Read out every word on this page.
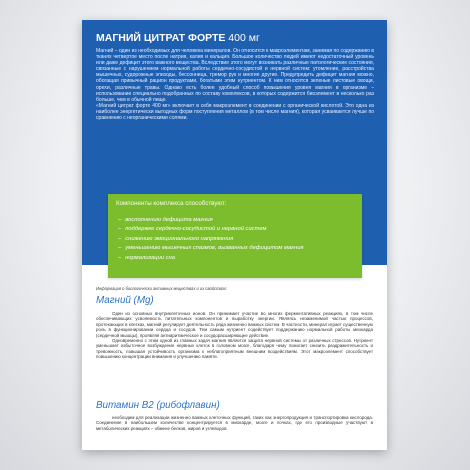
МАГНИЙ ЦИТРАТ ФОРТЕ 400 мг

Магний – один из необходимых для человека минералов. Он относится к макроэлементам, занимая по содержанию в тканях четвертое место после натрия, калия и кальция. Большое количество людей имеют недостаточный уровень или даже дефицит этого важного вещества. Вследствие этого могут возникать различные патологические состояния, связанные с нарушением нормальной работы сердечно-сосудистой и нервной систем: утомление, расстройства мышечных, судорожные эпизоды, бессонница, тремор рук и многие другие. Предупредить дефицит магния можно, обогащая привычный рацион продуктами, богатыми этим нутриентом. К ним относятся зеленые листовые овощи, орехи, различные травы. Однако есть более удобный способ повышения уровня магния в организме – использование специально подобранных по составу комплексов, в которых содержится биоэлемент в несколько раз больше, чем в обычной пище.

«Магний цитрат форте 400 мг» включает в себя макроэлемент в соединении с органической кислотой. Это одна из наиболее энергетически выгодных форм поступления металлов (в том числе магния), которая усваивается лучше по сравнению с неорганическими солями.

Компоненты комплекса способствуют:
– восполнению дефицита магния
– поддержке сердечно-сосудистой и нервной систем
– снижению эмоционального напряжения
– уменьшению мышечных спазмов, вызванных дефицитом магния
– нормализации сна
Информация о биологически активных веществах и их свойствах:
Магний (Mg)

Один из основных внутриклеточных ионов. Он принимает участие во многих ферментативных реакциях, в том числе обеспечивающих усвояемость питательных компонентов и выработку энергии. Являясь незаменимой частью процессов, протекающих в клетках, магний регулирует деятельность ряда жизненно важных систем. В частности, минерал играет существенную роль в функционировании сердца и сосудов. Тем самым нутриент содействует поддержанию нормальной работы миокарда (сердечной мышцы), проявляя антиаритмическое и сосудорасширяющее действие.

Одновременно с этим одной из главных задач магния является защита нервной системы от различных стрессов. Нутриент уменьшает избыточное возбуждение нервных клеток в головном мозге, благодаря чему помогает снизить раздражительность и тревожность, повышая устойчивость организма к неблагоприятным внешним воздействиям. Этот макроэлемент способствует повышению концентрации внимания и улучшению памяти.

Витамин B2 (рибофлавин)

необходим для реализации жизненно важных клеточных функций, таких как энергопродукция и транспортировка кислорода. Соединение в наибольшем количестве концентрируется в миокарде, мозге и почках, где его производные участвуют в метаболических реакциях – обмене белков, жиров и углеводов.
